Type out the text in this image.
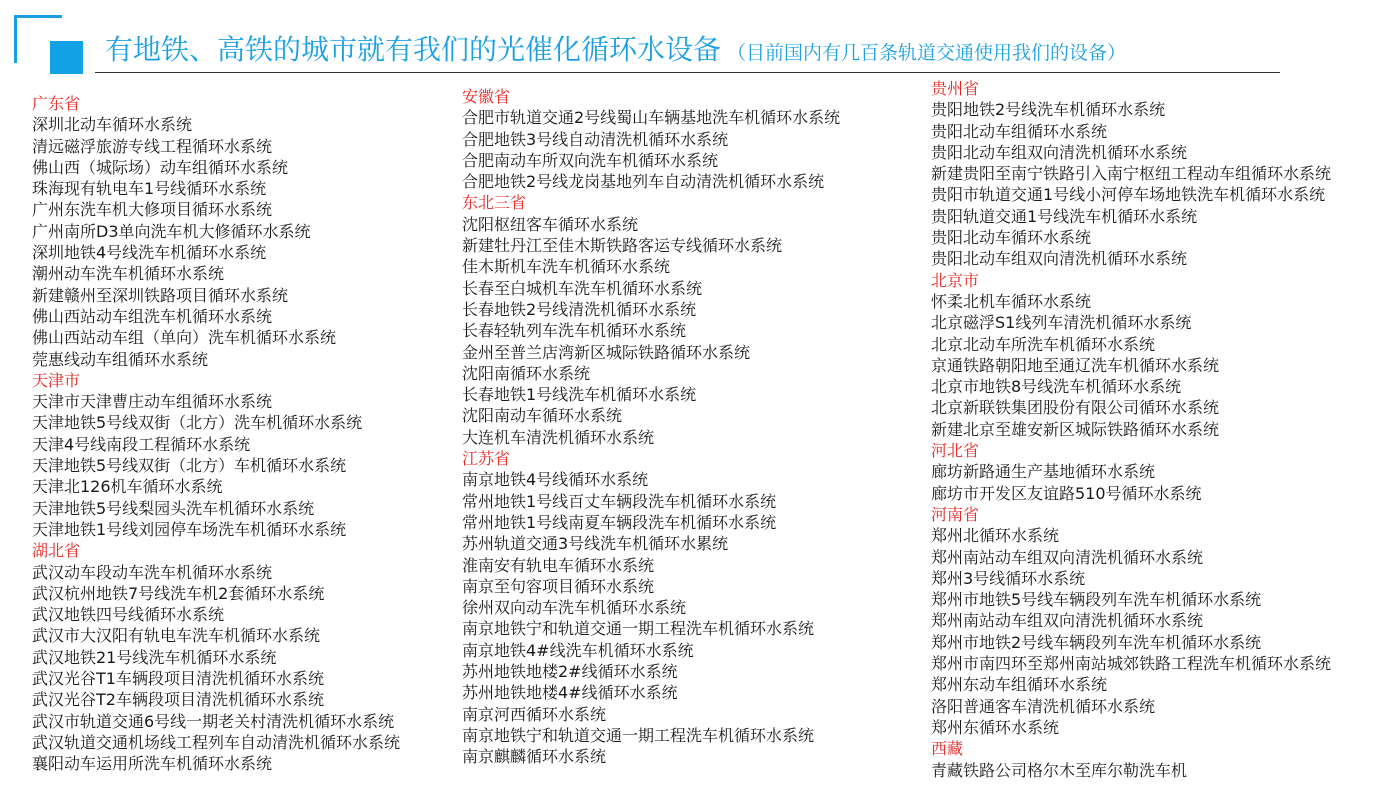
有地铁、高铁的城市就有我们的光催化循环水设备 （目前国内有几百条轨道交通使用我们的设备）
广东省
深圳北动车循环水系统
清远磁浮旅游专线工程循环水系统
佛山西（城际场）动车组循环水系统
珠海现有轨电车1号线循环水系统
广州东洗车机大修项目循环水系统
广州南所D3单向洗车机大修循环水系统
深圳地铁4号线洗车机循环水系统
潮州动车洗车机循环水系统
新建赣州至深圳铁路项目循环水系统
佛山西站动车组洗车机循环水系统
佛山西站动车组（单向）洗车机循环水系统
莞惠线动车组循环水系统
天津市
天津市天津曹庄动车组循环水系统
天津地铁5号线双街（北方）洗车机循环水系统
天津4号线南段工程循环水系统
天津地铁5号线双街（北方）车机循环水系统
天津北126机车循环水系统
天津地铁5号线梨园头洗车机循环水系统
天津地铁1号线刘园停车场洗车机循环水系统
湖北省
武汉动车段动车洗车机循环水系统
武汉杭州地铁7号线洗车机2套循环水系统
武汉地铁四号线循环水系统
武汉市大汉阳有轨电车洗车机循环水系统
武汉地铁21号线洗车机循环水系统
武汉光谷T1车辆段项目清洗机循环水系统
武汉光谷T2车辆段项目清洗机循环水系统
武汉市轨道交通6号线一期老关村清洗机循环水系统
武汉轨道交通机场线工程列车自动清洗机循环水系统
襄阳动车运用所洗车机循环水系统
安徽省
合肥市轨道交通2号线蜀山车辆基地洗车机循环水系统
合肥地铁3号线自动清洗机循环水系统
合肥南动车所双向洗车机循环水系统
合肥地铁2号线龙岗基地列车自动清洗机循环水系统
东北三省
沈阳枢纽客车循环水系统
新建牡丹江至佳木斯铁路客运专线循环水系统
佳木斯机车洗车机循环水系统
长春至白城机车洗车机循环水系统
长春地铁2号线清洗机循环水系统
长春轻轨列车洗车机循环水系统
金州至普兰店湾新区城际铁路循环水系统
沈阳南循环水系统
长春地铁1号线洗车机循环水系统
沈阳南动车循环水系统
大连机车清洗机循环水系统
江苏省
南京地铁4号线循环水系统
常州地铁1号线百丈车辆段洗车机循环水系统
常州地铁1号线南夏车辆段洗车机循环水系统
苏州轨道交通3号线洗车机循环水累统
淮南安有轨电车循环水系统
南京至句容项目循环水系统
徐州双向动车洗车机循环水系统
南京地铁宁和轨道交通一期工程洗车机循环水系统
南京地铁4#线洗车机循环水系统
苏州地铁地楼2#线循环水系统
苏州地铁地楼4#线循环水系统
南京河西循环水系统
南京地铁宁和轨道交通一期工程洗车机循环水系统
南京麒麟循环水系统
贵州省
贵阳地铁2号线洗车机循环水系统
贵阳北动车组循环水系统
贵阳北动车组双向清洗机循环水系统
新建贵阳至南宁铁路引入南宁枢纽工程动车组循环水系统
贵阳市轨道交通1号线小河停车场地铁洗车机循环水系统
贵阳轨道交通1号线洗车机循环水系统
贵阳北动车循环水系统
贵阳北动车组双向清洗机循环水系统
北京市
怀柔北机车循环水系统
北京磁浮S1线列车清洗机循环水系统
北京北动车所洗车机循环水系统
京通铁路朝阳地至通辽洗车机循环水系统
北京市地铁8号线洗车机循环水系统
北京新联铁集团股份有限公司循环水系统
新建北京至雄安新区城际铁路循环水系统
河北省
廊坊新路通生产基地循环水系统
廊坊市开发区友谊路510号循环水系统
河南省
郑州北循环水系统
郑州南站动车组双向清洗机循环水系统
郑州3号线循环水系统
郑州市地铁5号线车辆段列车洗车机循环水系统
郑州南站动车组双向清洗机循环水系统
郑州市地铁2号线车辆段列车洗车机循环水系统
郑州市南四环至郑州南站城郊铁路工程洗车机循环水系统
郑州东动车组循环水系统
洛阳普通客车清洗机循环水系统
郑州东循环水系统
西藏
青藏铁路公司格尔木至库尔勒洗车机
